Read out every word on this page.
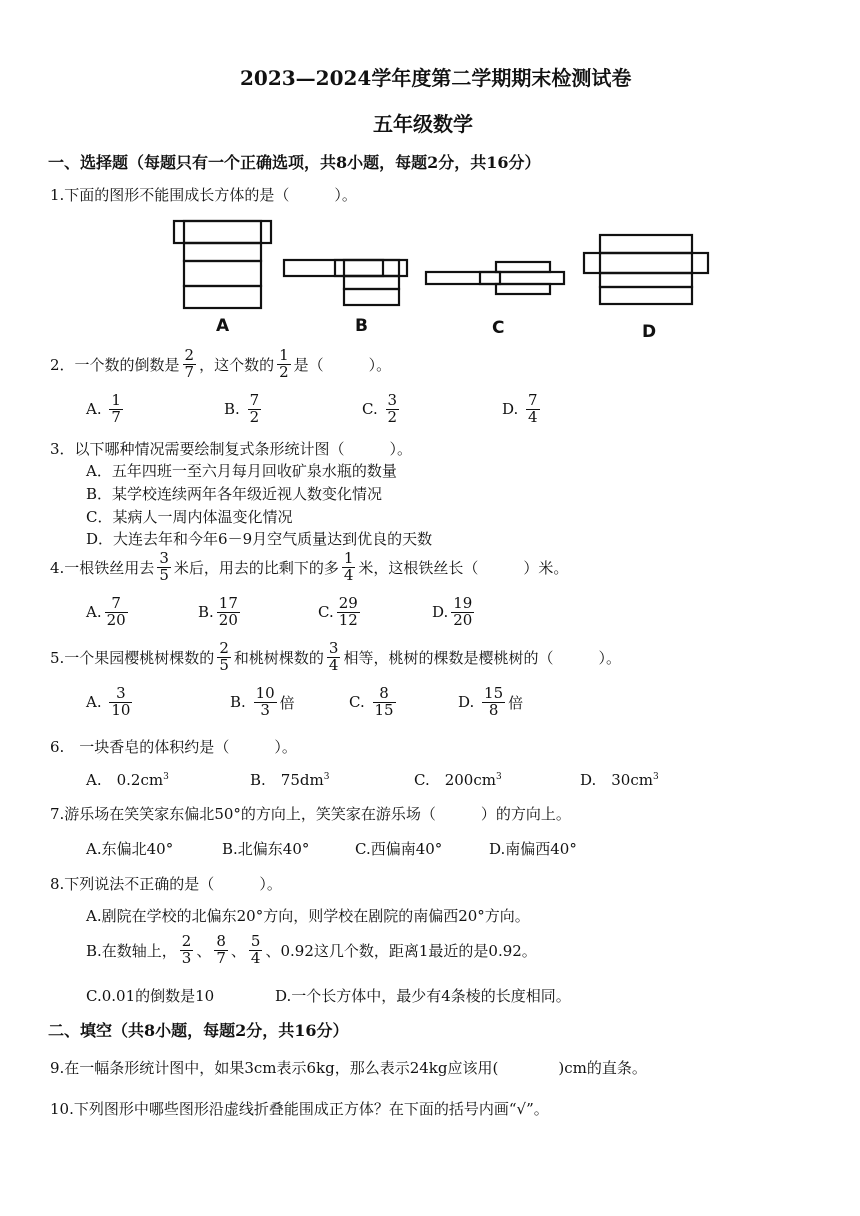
2023—2024学年度第二学期期末检测试卷
五年级数学
一、选择题（每题只有一个正确选项，共8小题，每题2分，共16分）
1.下面的图形不能围成长方体的是（　　　）。
A	B	C	D
2．一个数的倒数是 $\frac{2}{7}$ ，这个数的 $\frac{1}{2}$ 是（　　　）。
A.
$\frac{1}{7}$	B.
$\frac{7}{2}$	C.
$\frac{3}{2}$	D.
$\frac{7}{4}$
3．以下哪种情况需要绘制复式条形统计图（　　　）。
A．五年四班一至六月每月回收矿泉水瓶的数量
B．某学校连续两年各年级近视人数变化情况
C．某病人一周内体温变化情况
D．大连去年和今年6－9月空气质量达到优良的天数
4.一根铁丝用去 $\frac{3}{5}$ 米后，用去的比剩下的多 $\frac{1}{4}$ 米，这根铁丝长（　　　）米。
A. $\frac{7}{20}$	B. $\frac{17}{20}$	C. $\frac{29}{12}$	D. $\frac{19}{20}$
5.一个果园樱桃树棵数的 $\frac{2}{5}$ 和桃树棵数的 $\frac{3}{4}$ 相等，桃树的棵数是樱桃树的（　　　）。
A.
$\frac{3}{10}$	B.
$\frac{10}{3}$ 倍	C.
$\frac{8}{15}$	D.
$\frac{15}{8}$ 倍
6.　一块香皂的体积约是（　　　）。
A.　$0.2cm^3$	B.　$75dm^3$	C.　$200cm^3$	D.　$30cm^3$
7.游乐场在笑笑家东偏北50°的方向上，笑笑家在游乐场（　　　）的方向上。
A.东偏北40°	B.北偏东40°	C.西偏南40°	D.南偏西40°
8.下列说法不正确的是（　　　）。
A.剧院在学校的北偏东20°方向，则学校在剧院的南偏西20°方向。
B.在数轴上， $\frac{2}{3}$ 、 $\frac{8}{7}$ 、 $\frac{5}{4}$ 、0.92这几个数，距离1最近的是0.92。
C.0.01的倒数是10	D.一个长方体中，最少有4条棱的长度相同。
二、填空（共8小题，每题2分，共16分）
9.在一幅条形统计图中，如果3cm表示6kg，那么表示24kg应该用(　　　　)cm的直条。
10.下列图形中哪些图形沿虚线折叠能围成正方体？在下面的括号内画“√”。
